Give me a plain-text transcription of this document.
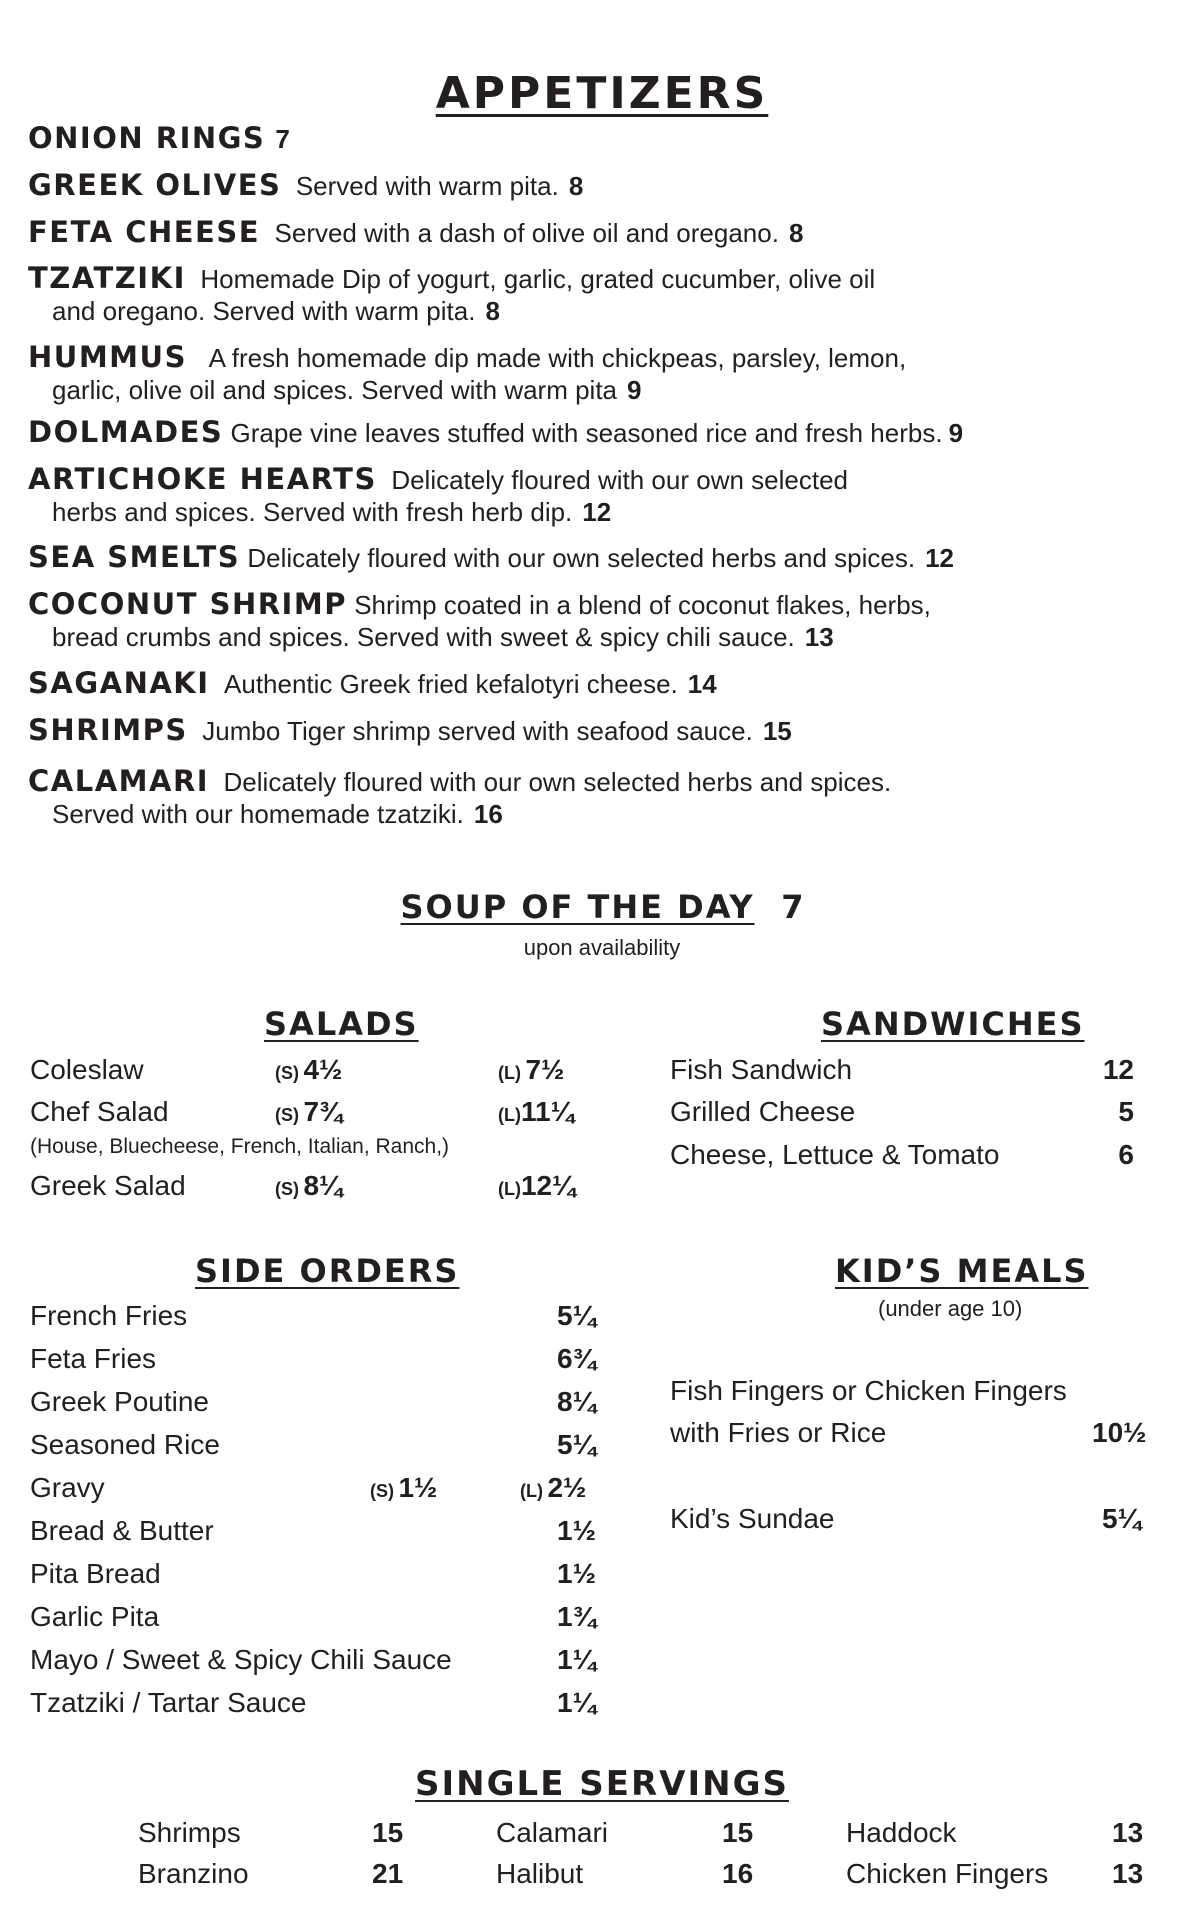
APPETIZERS
ONION RINGS 7
GREEK OLIVES Served with warm pita. 8
FETA CHEESE Served with a dash of olive oil and oregano. 8
TZATZIKI Homemade Dip of yogurt, garlic, grated cucumber, olive oil
and oregano. Served with warm pita. 8
HUMMUS A fresh homemade dip made with chickpeas, parsley, lemon,
garlic, olive oil and spices. Served with warm pita 9
DOLMADES Grape vine leaves stuffed with seasoned rice and fresh herbs. 9
ARTICHOKE HEARTS Delicately floured with our own selected
herbs and spices. Served with fresh herb dip. 12
SEA SMELTS Delicately floured with our own selected herbs and spices. 12
COCONUT SHRIMP Shrimp coated in a blend of coconut flakes, herbs,
bread crumbs and spices. Served with sweet & spicy chili sauce. 13
SAGANAKI Authentic Greek fried kefalotyri cheese. 14
SHRIMPS Jumbo Tiger shrimp served with seafood sauce. 15
CALAMARI Delicately floured with our own selected herbs and spices.
Served with our homemade tzatziki. 16
SOUP OF THE DAY 7
upon availability
SALADS
Coleslaw	(S) 4½	(L) 7½
Chef Salad	(S) 7¾	(L)11¼
(House, Bluecheese, French, Italian, Ranch,)
Greek Salad	(S) 8¼	(L)12¼
SANDWICHES
Fish Sandwich	12
Grilled Cheese	5
Cheese, Lettuce & Tomato	6
SIDE ORDERS
French Fries	5¼
Feta Fries	6¾
Greek Poutine	8¼
Seasoned Rice	5¼
Gravy	(S) 1½	(L) 2½
Bread & Butter	1½
Pita Bread	1½
Garlic Pita	1¾
Mayo / Sweet & Spicy Chili Sauce	1¼
Tzatziki / Tartar Sauce	1¼
KID’S MEALS
(under age 10)
Fish Fingers or Chicken Fingers
with Fries or Rice	10½
Kid’s Sundae	5¼
SINGLE SERVINGS
Shrimps	15	Calamari	15	Haddock	13
Branzino	21	Halibut	16	Chicken Fingers 13
